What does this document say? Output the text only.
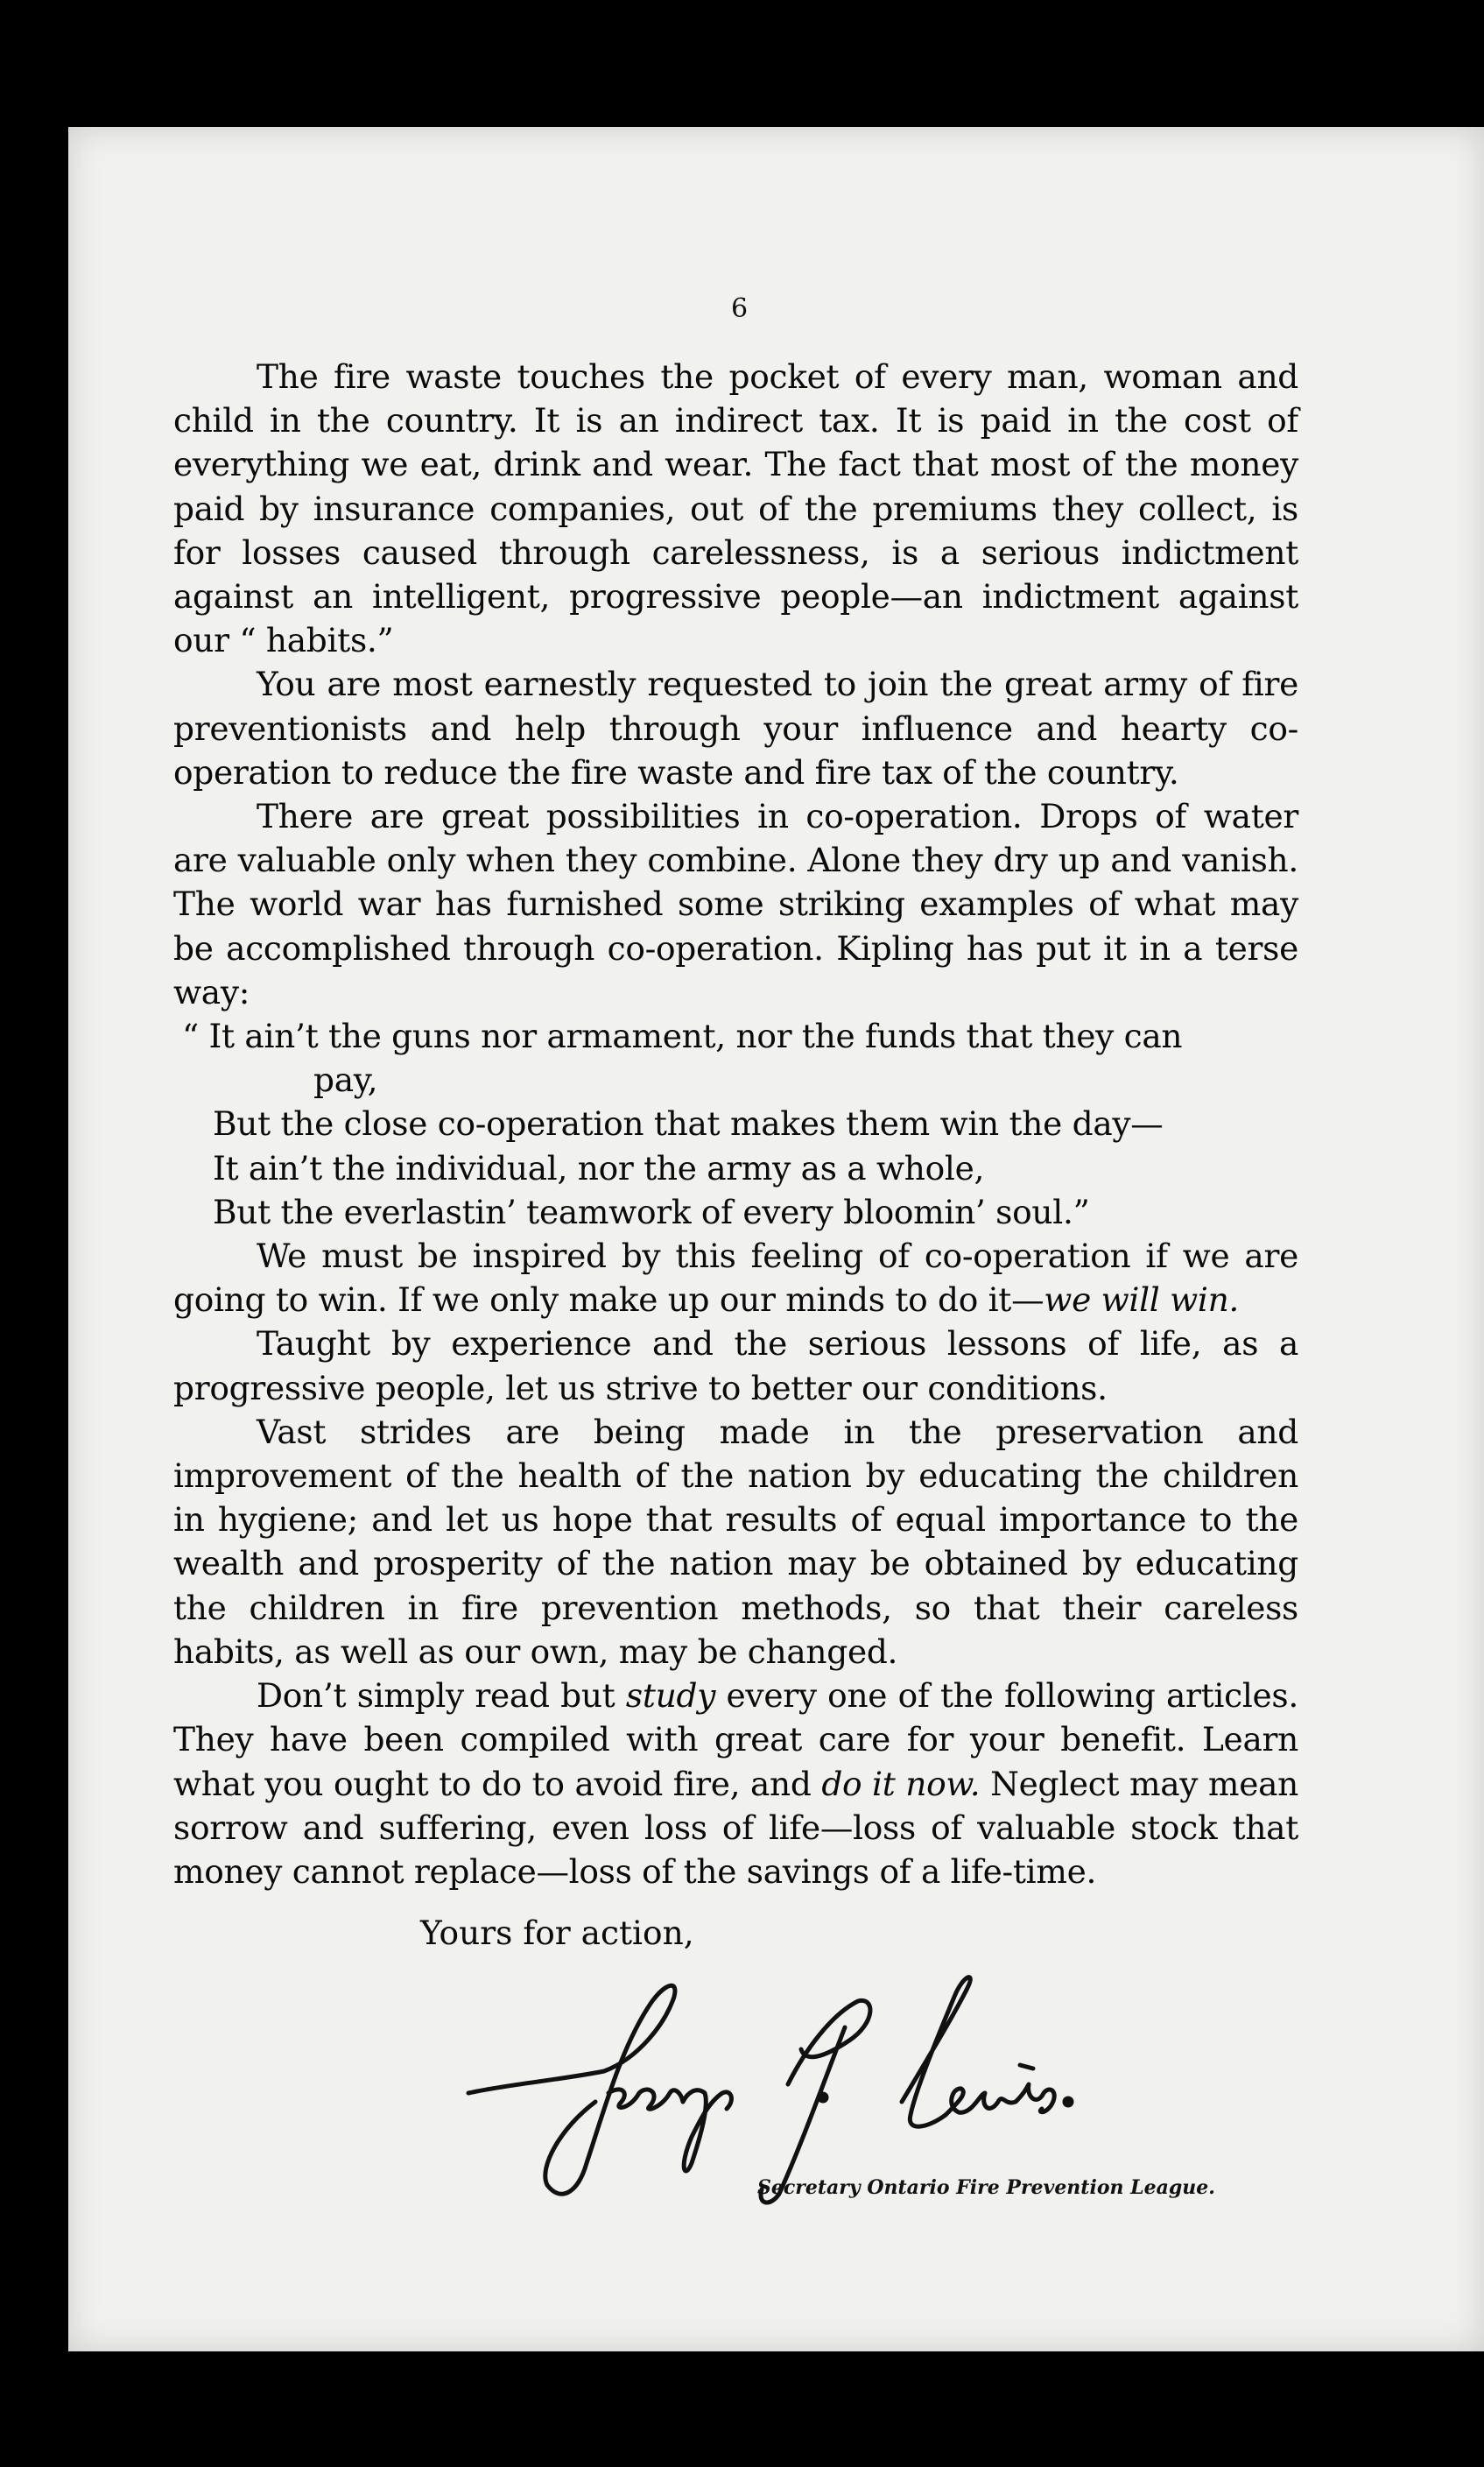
6

The fire waste touches the pocket of every man, woman and child in the country. It is an indirect tax. It is paid in the cost of everything we eat, drink and wear. The fact that most of the money paid by insurance companies, out of the premiums they collect, is for losses caused through carelessness, is a serious indictment against an intelligent, progressive people—an indictment against our “ habits.”

You are most earnestly requested to join the great army of fire preventionists and help through your influence and hearty co-operation to reduce the fire waste and fire tax of the country.

There are great possibilities in co-operation. Drops of water are valuable only when they combine. Alone they dry up and vanish. The world war has furnished some striking examples of what may be accomplished through co-operation. Kipling has put it in a terse way:

“ It ain’t the guns nor armament, nor the funds that they can
pay,
But the close co-operation that makes them win the day—
It ain’t the individual, nor the army as a whole,
But the everlastin’ teamwork of every bloomin’ soul.”

We must be inspired by this feeling of co-operation if we are going to win. If we only make up our minds to do it—we will win.

Taught by experience and the serious lessons of life, as a progressive people, let us strive to better our conditions.

Vast strides are being made in the preservation and improvement of the health of the nation by educating the children in hygiene; and let us hope that results of equal importance to the wealth and prosperity of the nation may be obtained by educating the children in fire prevention methods, so that their careless habits, as well as our own, may be changed.

Don’t simply read but study every one of the following articles. They have been compiled with great care for your benefit. Learn what you ought to do to avoid fire, and do it now. Neglect may mean sorrow and suffering, even loss of life—loss of valuable stock that money cannot replace—loss of the savings of a life-time.

Yours for action,
Secretary Ontario Fire Prevention League.
